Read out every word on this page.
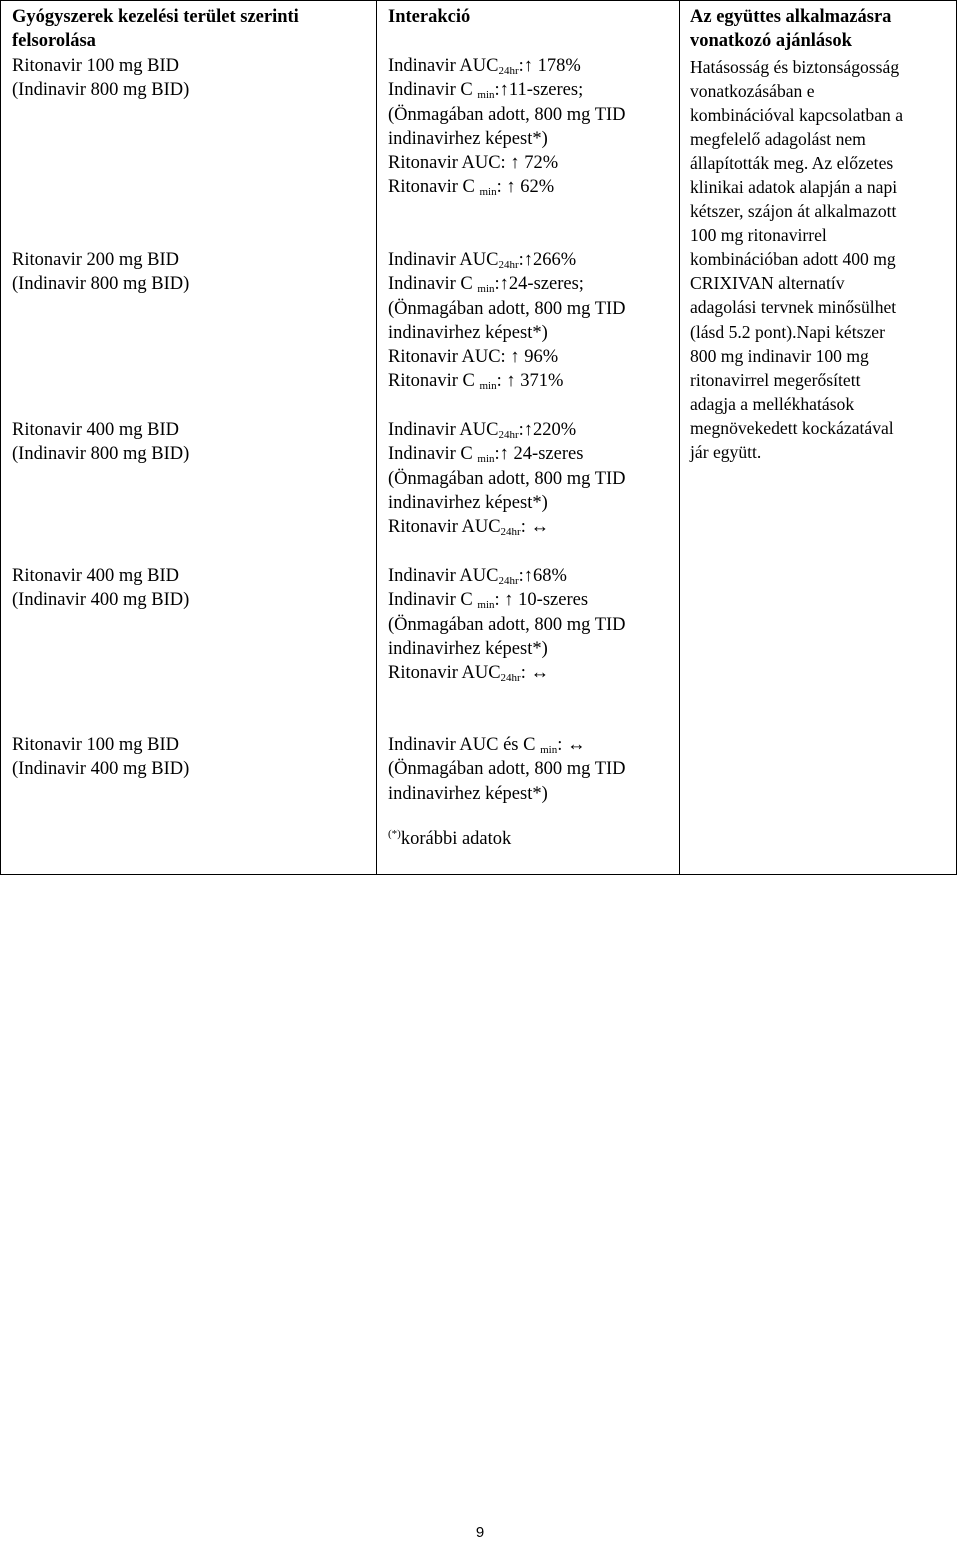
Gyógyszerek kezelési terület szerinti
felsorolása
Ritonavir 100 mg BID
(Indinavir 800 mg BID)
Ritonavir 200 mg BID
(Indinavir 800 mg BID)
Ritonavir 400 mg BID
(Indinavir 800 mg BID)
Ritonavir 400 mg BID
(Indinavir 400 mg BID)
Ritonavir 100 mg BID
(Indinavir 400 mg BID)
Interakció
Indinavir $AUC_{24hr}:↑$ 178%
Indinavir C $_{min}$:↑11-szeres;
(Önmagában adott, 800 mg TID
indinavirhez képest*)
Ritonavir AUC: ↑ 72%
Ritonavir C $_{min}$: ↑ 62%
Indinavir $AUC_{24hr}:↑266\%$
Indinavir C $_{min}$:↑24-szeres;
(Önmagában adott, 800 mg TID
indinavirhez képest*)
Ritonavir AUC: ↑ 96%
Ritonavir C $_{min}$: ↑ 371%
Indinavir $AUC_{24hr}:↑220\%$
Indinavir C $_{min}$:↑ 24-szeres
(Önmagában adott, 800 mg TID
indinavirhez képest*)
Ritonavir $AUC_{24hr}$: ↔
Indinavir $AUC_{24hr}:↑68\%$
Indinavir C $_{min}$: ↑ 10-szeres
(Önmagában adott, 800 mg TID
indinavirhez képest*)
Ritonavir $AUC_{24hr}$: ↔
Indinavir AUC és C $_{min}$: ↔
(Önmagában adott, 800 mg TID
indinavirhez képest*)
(*)korábbi adatok
Az együttes alkalmazásra
vonatkozó ajánlások
Hatásosság és biztonságosság
vonatkozásában e
kombinációval kapcsolatban a
megfelelő adagolást nem
állapították meg. Az előzetes
klinikai adatok alapján a napi
kétszer, szájon át alkalmazott
100 mg ritonavirrel
kombinációban adott 400 mg
CRIXIVAN alternatív
adagolási tervnek minősülhet
(lásd 5.2 pont).Napi kétszer
800 mg indinavir 100 mg
ritonavirrel megerősített
adagja a mellékhatások
megnövekedett kockázatával
jár együtt.
9
